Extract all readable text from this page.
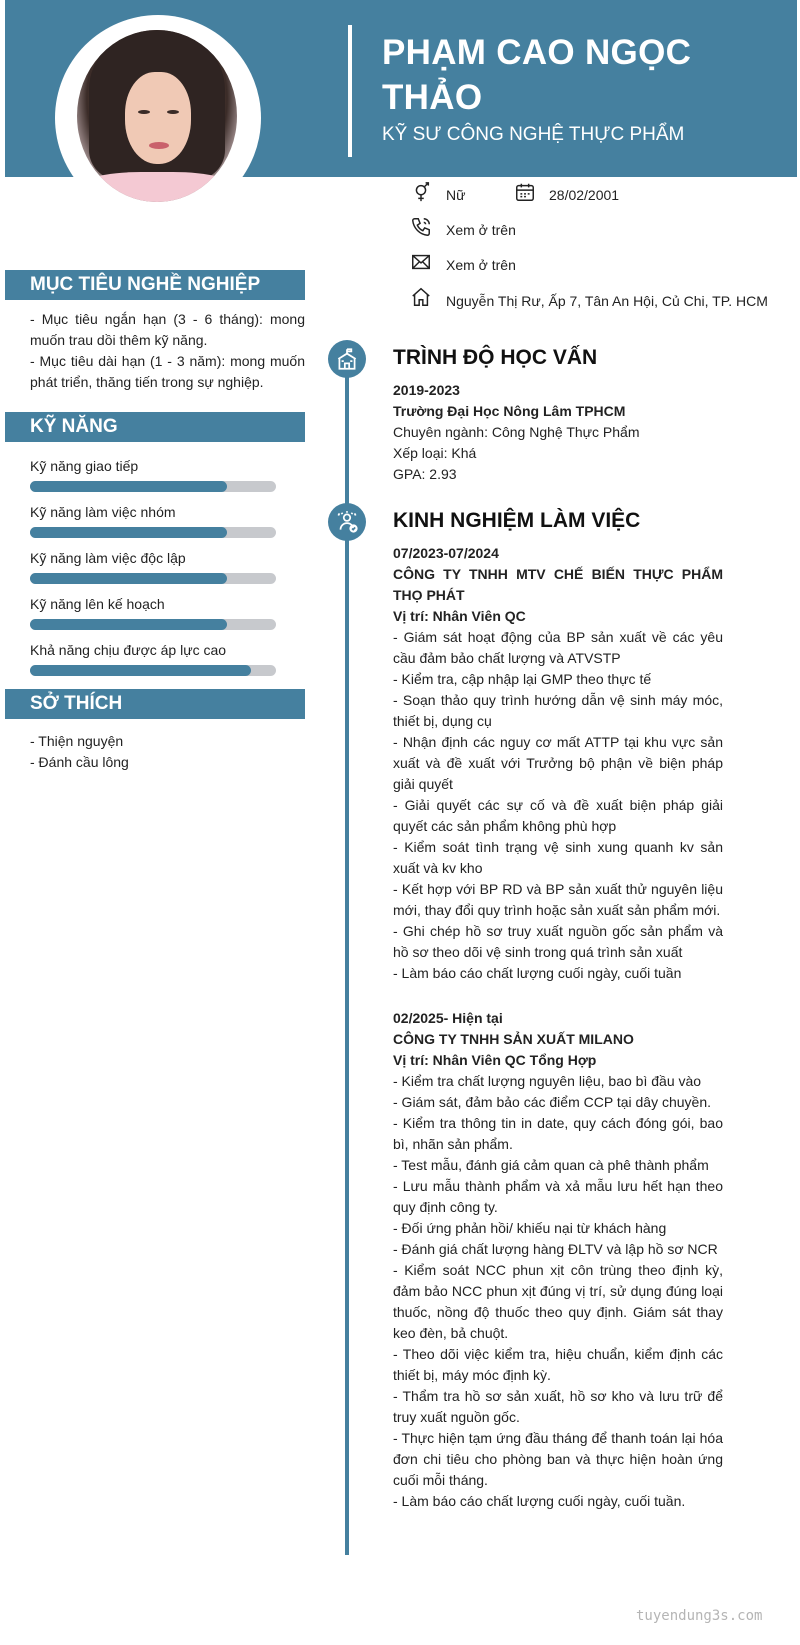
PHẠM CAO NGỌC THẢO
KỸ SƯ CÔNG NGHỆ THỰC PHẨM
Nữ	28/02/2001
Xem ở trên
Xem ở trên
Nguyễn Thị Rư, Ấp 7, Tân An Hội, Củ Chi, TP. HCM
MỤC TIÊU NGHỀ NGHIỆP
- Mục tiêu ngắn hạn (3 - 6 tháng): mong muốn trau dồi thêm kỹ năng.
- Mục tiêu dài hạn (1 - 3 năm): mong muốn phát triển, thăng tiến trong sự nghiệp.
KỸ NĂNG
Kỹ năng giao tiếp
Kỹ năng làm việc nhóm
Kỹ năng làm việc độc lập
Kỹ năng lên kế hoạch
Khả năng chịu được áp lực cao
SỞ THÍCH
- Thiện nguyện
- Đánh cầu lông
TRÌNH ĐỘ HỌC VẤN
2019-2023
Trường Đại Học Nông Lâm TPHCM
Chuyên ngành: Công Nghệ Thực Phẩm
Xếp loại: Khá
GPA: 2.93
KINH NGHIỆM LÀM VIỆC
07/2023-07/2024
CÔNG TY TNHH MTV CHẾ BIẾN THỰC PHẨM THỌ PHÁT
Vị trí: Nhân Viên QC
- Giám sát hoạt động của BP sản xuất về các yêu cầu đảm bảo chất lượng và ATVSTP
- Kiểm tra, cập nhập lại GMP theo thực tế
- Soạn thảo quy trình hướng dẫn vệ sinh máy móc, thiết bị, dụng cụ
- Nhận định các nguy cơ mất ATTP tại khu vực sản xuất và đề xuất với Trưởng bộ phận về biện pháp giải quyết
- Giải quyết các sự cố và đề xuất biện pháp giải quyết các sản phẩm không phù hợp
- Kiểm soát tình trạng vệ sinh xung quanh kv sản xuất và kv kho
- Kết hợp với BP RD và BP sản xuất thử nguyên liệu mới, thay đổi quy trình hoặc sản xuất sản phẩm mới.
- Ghi chép hồ sơ truy xuất nguồn gốc sản phẩm và hồ sơ theo dõi vệ sinh trong quá trình sản xuất
- Làm báo cáo chất lượng cuối ngày, cuối tuần
02/2025- Hiện tại
CÔNG TY TNHH SẢN XUẤT MILANO
Vị trí: Nhân Viên QC Tổng Hợp
- Kiểm tra chất lượng nguyên liệu, bao bì đầu vào
- Giám sát, đảm bảo các điểm CCP tại dây chuyền.
- Kiểm tra thông tin in date, quy cách đóng gói, bao bì, nhãn sản phẩm.
- Test mẫu, đánh giá cảm quan cà phê thành phẩm
- Lưu mẫu thành phẩm và xả mẫu lưu hết hạn theo quy định công ty.
- Đối ứng phản hồi/ khiếu nại từ khách hàng
- Đánh giá chất lượng hàng ĐLTV và lập hồ sơ NCR
- Kiểm soát NCC phun xịt côn trùng theo định kỳ, đảm bảo NCC phun xịt đúng vị trí, sử dụng đúng loại thuốc, nồng độ thuốc theo quy định. Giám sát thay keo đèn, bả chuột.
- Theo dõi việc kiểm tra, hiệu chuẩn, kiểm định các thiết bị, máy móc định kỳ.
- Thẩm tra hồ sơ sản xuất, hồ sơ kho và lưu trữ để truy xuất nguồn gốc.
- Thực hiện tạm ứng đầu tháng để thanh toán lại hóa đơn chi tiêu cho phòng ban và thực hiện hoàn ứng cuối mỗi tháng.
- Làm báo cáo chất lượng cuối ngày, cuối tuần.
tuyendung3s.com
